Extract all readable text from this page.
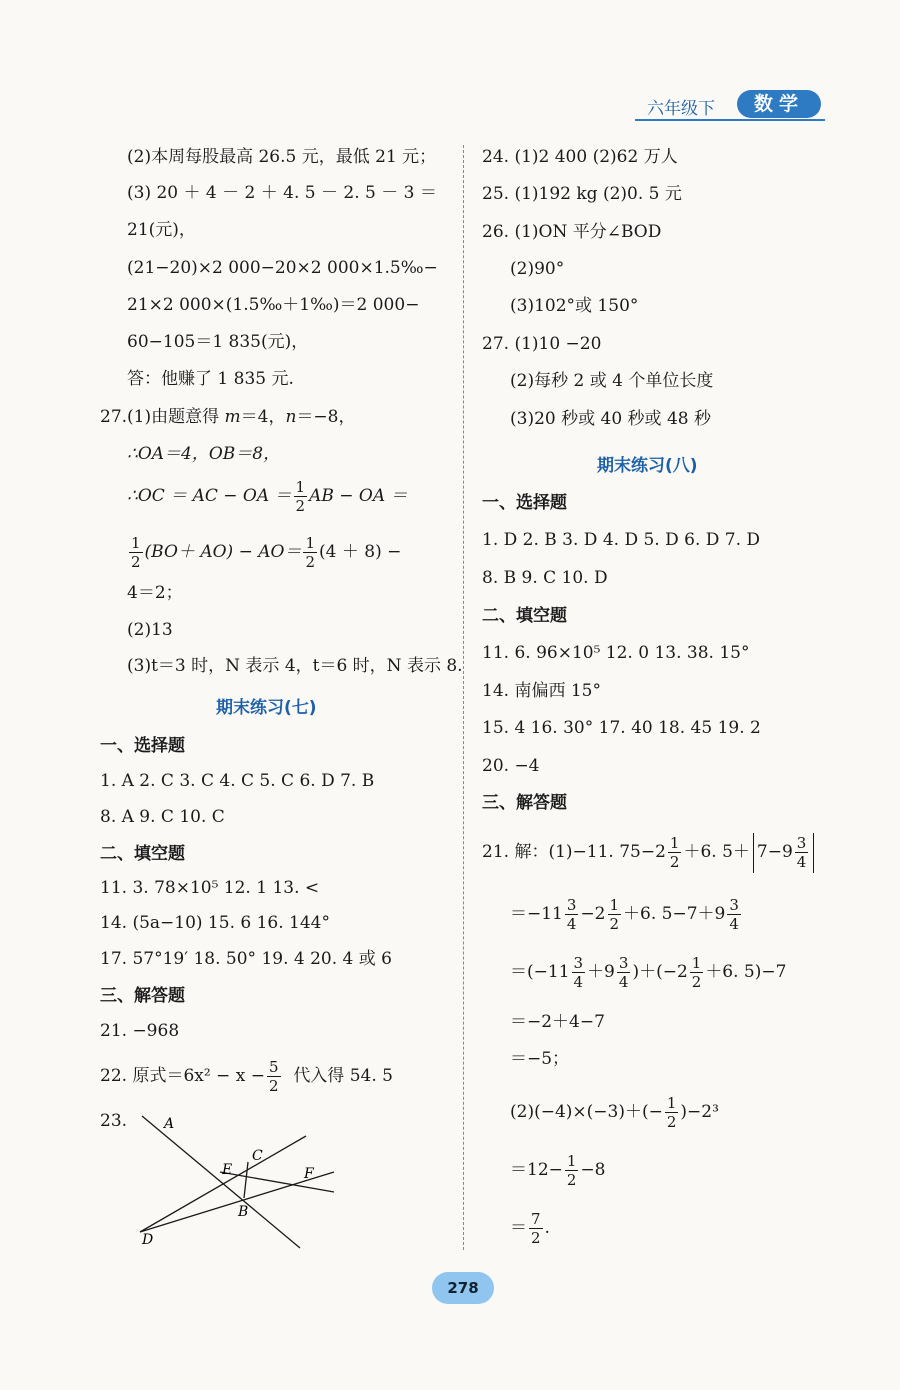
六年级下	数学
(2)本周每股最高 26.5 元，最低 21 元；
(3) 20 ＋ 4 － 2 ＋ 4. 5 － 2. 5 － 3 ＝
21(元)，
(21−20)×2 000−20×2 000×1.5‰−
21×2 000×(1.5‰＋1‰)＝2 000−
60−105＝1 835(元)，
答：他赚了 1 835 元.
27.(1)由题意得 m＝4，n＝−8，
∴OA＝4，OB＝8，
∴OC ＝ AC − OA ＝ $\frac{1}{2}$ AB − OA ＝
$\frac{1}{2} (BO+ AO) - AO= \frac{1}{2} (4 + 8)$ −
4＝2；
(2)13
(3)t＝3 时，N 表示 4，t＝6 时，N 表示 8.
期末练习(七)
一、选择题
1. A 2. C 3. C 4. C 5. C 6. D 7. B
8. A 9. C 10. C
二、填空题
11. 3. 78×10⁵ 12. 1 13. <
14. (5a−10) 15. 6 16. 144°
17. 57°19′ 18. 50° 19. 4 20. 4 或 6
三、解答题
21. −968
22. 原式$=6x^2 - x - \frac{5}{2}$ 代入得 54. 5
23.	A
C
E	F
B
D
24. (1)2 400 (2)62 万人
25. (1)192 kg (2)0. 5 元
26. (1)ON 平分∠BOD
(2)90°
(3)102°或 150°
27. (1)10 −20
(2)每秒 2 或 4 个单位长度
(3)20 秒或 40 秒或 48 秒
期末练习(八)
一、选择题
1. D 2. B 3. D 4. D 5. D 6. D 7. D
8. B 9. C 10. D
二、填空题
11. 6. 96×10⁵ 12. 0 13. 38. 15°
14. 南偏西 15°
15. 4 16. 30° 17. 40 18. 45 19. 2
20. −4
三、解答题
21. 解：(1)−11. $75-2 \frac{1}{2} +6$. $5+ 7-9 \frac{3}{4}$
$=-11 \frac{3}{4} -2 \frac{1}{2} +6$. $5-7+9 \frac{3}{4}$
$=(-11 \frac{3}{4} +9 \frac{3}{4} )+(-2 \frac{1}{2} +6$. 5)−7
＝−2＋4−7
＝−5；
$(2)(-4)\times(-3)+(- \frac{1}{2} )-2^3$
$=12- \frac{1}{2} -8$
＝ $\frac{7}{2}$ .
278
